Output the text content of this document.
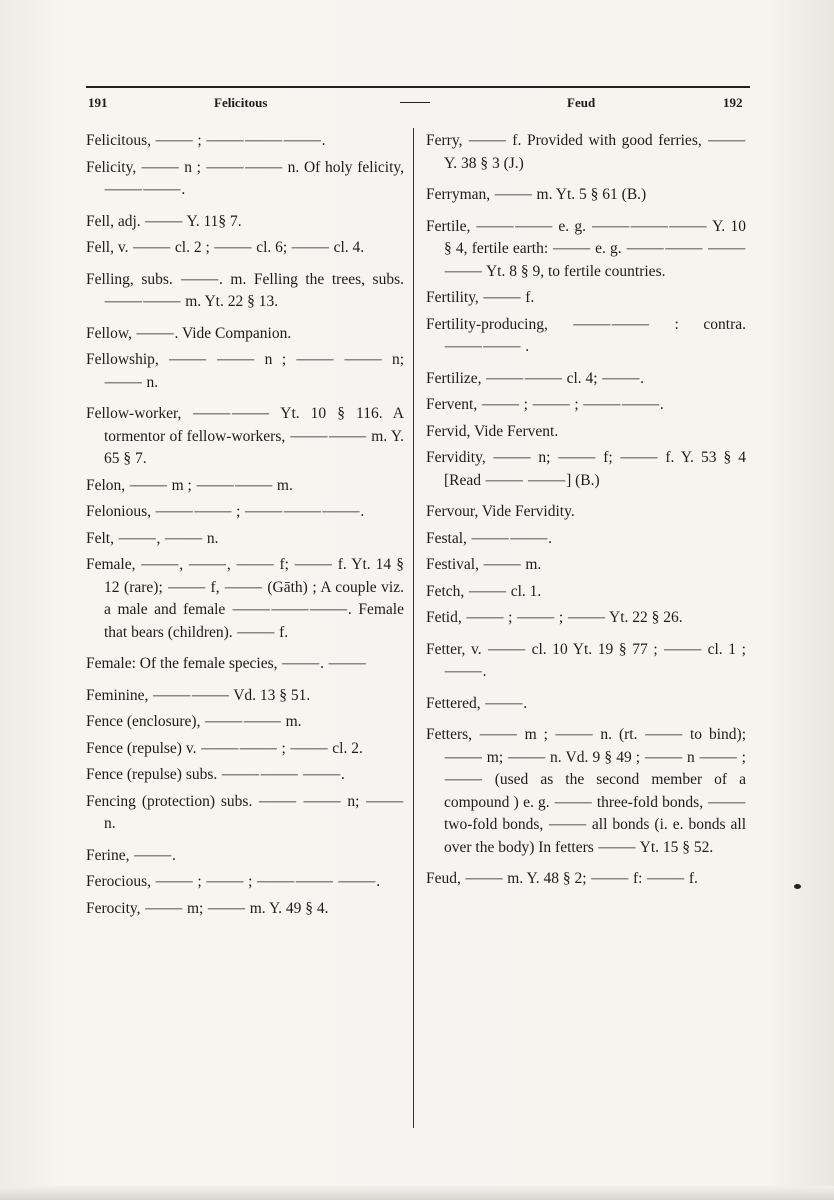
191	Felicitous	Feud	192
Felicitous, ⸻ ; ⸻⸻⸻.
Felicity, ⸻ n ; ⸻⸻ n. Of holy felicity, ⸻⸻.
Fell, adj. ⸻ Y. 11§ 7.
Fell, v. ⸻ cl. 2 ; ⸻ cl. 6; ⸻ cl. 4.
Felling, subs. ⸻. m. Felling the trees, subs. ⸻⸻ m. Yt. 22 § 13.
Fellow, ⸻. Vide Companion.
Fellowship, ⸻ ⸻ n ; ⸻ ⸻ n; ⸻ n.
Fellow-worker, ⸻⸻ Yt. 10 § 116. A tormentor of fellow-workers, ⸻⸻ m. Y. 65 § 7.
Felon, ⸻ m ; ⸻⸻ m.
Felonious, ⸻⸻ ; ⸻⸻⸻.
Felt, ⸻, ⸻ n.
Female, ⸻, ⸻, ⸻ f; ⸻ f. Yt. 14 § 12 (rare); ⸻ f, ⸻ (Gāth) ; A couple viz. a male and female ⸻⸻⸻. Female that bears (children). ⸻ f.
Female: Of the female species, ⸻. ⸻
Feminine, ⸻⸻ Vd. 13 § 51.
Fence (enclosure), ⸻⸻ m.
Fence (repulse) v. ⸻⸻ ; ⸻ cl. 2.
Fence (repulse) subs. ⸻⸻ ⸻.
Fencing (protection) subs. ⸻ ⸻ n; ⸻ n.
Ferine, ⸻.
Ferocious, ⸻ ; ⸻ ; ⸻⸻ ⸻.
Ferocity, ⸻ m; ⸻ m. Y. 49 § 4.
Ferry, ⸻ f. Provided with good ferries, ⸻ Y. 38 § 3 (J.)
Ferryman, ⸻ m. Yt. 5 § 61 (B.)
Fertile, ⸻⸻ e. g. ⸻⸻⸻ Y. 10 § 4, fertile earth: ⸻ e. g. ⸻⸻ ⸻ ⸻ Yt. 8 § 9, to fertile countries.
Fertility, ⸻ f.
Fertility-producing, ⸻⸻ : contra. ⸻⸻ .
Fertilize, ⸻⸻ cl. 4; ⸻.
Fervent, ⸻ ; ⸻ ; ⸻⸻.
Fervid, Vide Fervent.
Fervidity, ⸻ n; ⸻ f; ⸻ f. Y. 53 § 4 [Read ⸻ ⸻] (B.)
Fervour, Vide Fervidity.
Festal, ⸻⸻.
Festival, ⸻ m.
Fetch, ⸻ cl. 1.
Fetid, ⸻ ; ⸻ ; ⸻ Yt. 22 § 26.
Fetter, v. ⸻ cl. 10 Yt. 19 § 77 ; ⸻ cl. 1 ; ⸻.
Fettered, ⸻.
Fetters, ⸻ m ; ⸻ n. (rt. ⸻ to bind); ⸻ m; ⸻ n. Vd. 9 § 49 ; ⸻ n ⸻ ; ⸻ (used as the second member of a compound ) e. g. ⸻ three-fold bonds, ⸻ two-fold bonds, ⸻ all bonds (i. e. bonds all over the body) In fetters ⸻ Yt. 15 § 52.
Feud, ⸻ m. Y. 48 § 2; ⸻ f: ⸻ f.
